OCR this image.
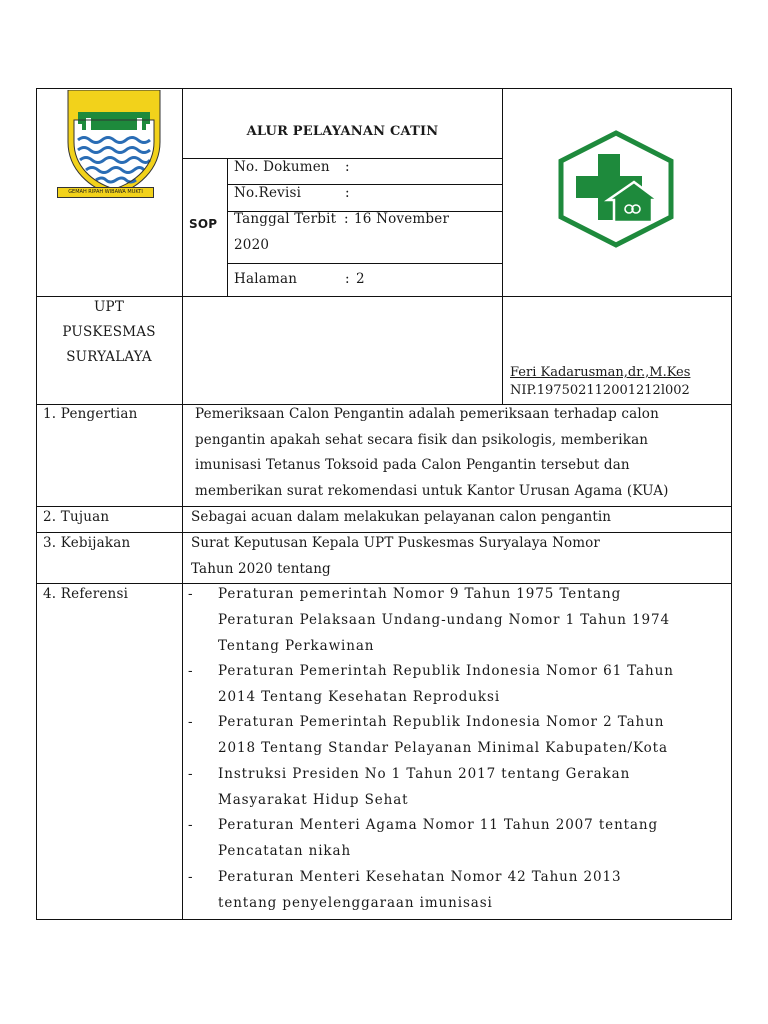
GEMAH RIPAH WIBAWA MUKTI
ALUR PELAYANAN CATIN
SOP
No. Dokumen :
No.Revisi	:
Tanggal Terbit : 16 November
2020
Halaman	: 2
UPT
PUSKESMAS
SURYALAYA
Feri Kadarusman,dr.,M.Kes
NIP.197502112001212l002
1. Pengertian	Pemeriksaan Calon Pengantin adalah pemeriksaan terhadap calon
pengantin apakah sehat secara fisik dan psikologis, memberikan
imunisasi Tetanus Toksoid pada Calon Pengantin tersebut dan
memberikan surat rekomendasi untuk Kantor Urusan Agama (KUA)
2. Tujuan	Sebagai acuan dalam melakukan pelayanan calon pengantin
3. Kebijakan	Surat Keputusan Kepala UPT Puskesmas Suryalaya Nomor
Tahun 2020 tentang
4. Referensi	- Peraturan pemerintah Nomor 9 Tahun 1975 Tentang
Peraturan Pelaksaan Undang-undang Nomor 1 Tahun 1974
Tentang Perkawinan
- Peraturan Pemerintah Republik Indonesia Nomor 61 Tahun
2014 Tentang Kesehatan Reproduksi
- Peraturan Pemerintah Republik Indonesia Nomor 2 Tahun
2018 Tentang Standar Pelayanan Minimal Kabupaten/Kota
- Instruksi Presiden No 1 Tahun 2017 tentang Gerakan
Masyarakat Hidup Sehat
- Peraturan Menteri Agama Nomor 11 Tahun 2007 tentang
Pencatatan nikah
- Peraturan Menteri Kesehatan Nomor 42 Tahun 2013
tentang penyelenggaraan imunisasi
